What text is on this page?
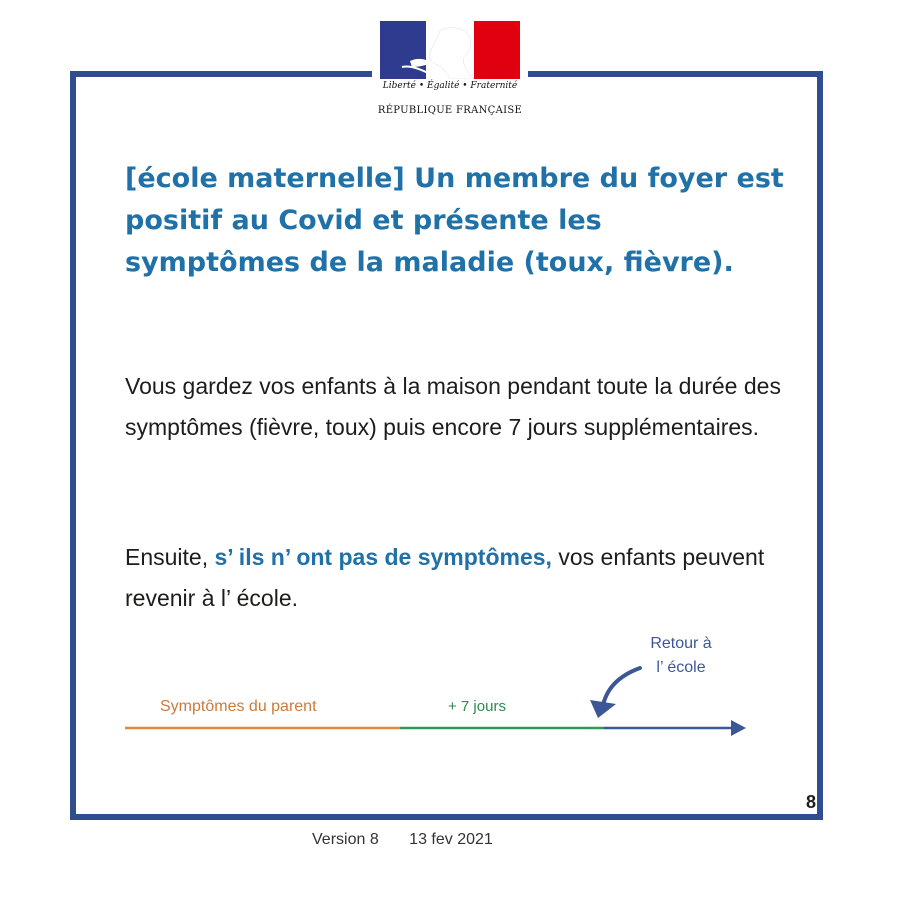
Liberté • Égalité • Fraternité
RÉPUBLIQUE FRANÇAISE
[école maternelle] Un membre du foyer est positif au Covid et présente les symptômes de la maladie (toux, fièvre).
Vous gardez vos enfants à la maison pendant toute la durée des symptômes (fièvre, toux) puis encore 7 jours supplémentaires.
Ensuite, s’ ils n’ ont pas de symptômes, vos enfants peuvent revenir à l’ école.
Symptômes du parent	+ 7 jours
Retour à
l’ école
8
Version 8 13 fev 2021
